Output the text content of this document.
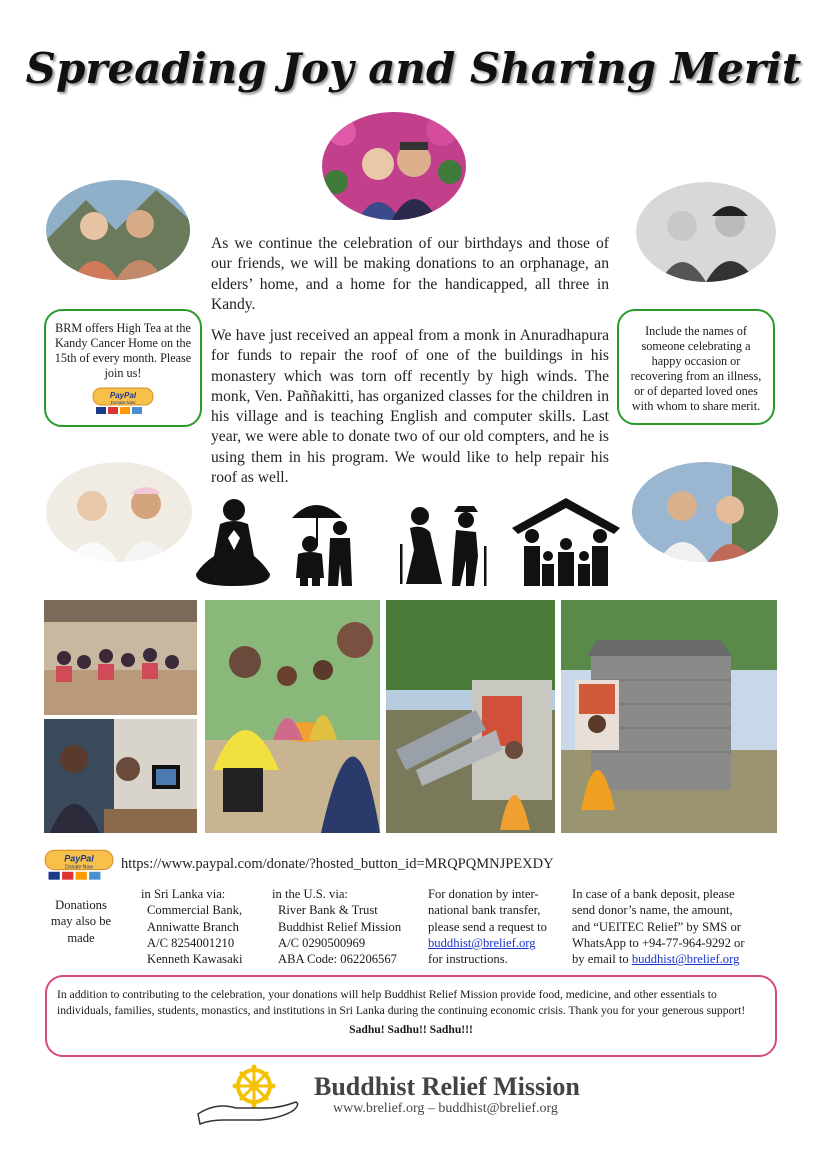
Spreading Joy and Sharing Merit
As we continue the celebration of our birthdays and those of our friends, we will be making donations to an orphanage, an elders’ home, and a home for the handicapped, all three in Kandy.
We have just received an appeal from a monk in Anuradhapura for funds to repair the roof of one of the buildings in his monastery which was torn off recently by high winds. The monk, Ven. Paññakitti, has organized classes for the children in his village and is teaching English and computer skills. Last year, we were able to donate two of our old compters, and he is using them in his program. We would like to help repair his roof as well.
BRM offers High Tea at the Kandy Cancer Home on the 15th of every month. Please join us!
PayPal
Donate Now
Include the names of someone celebrating a happy occasion or recovering from an illness, or of departed loved ones with whom to share merit.
PayPal
Donate Now https://www.paypal.com/donate/?hosted_button_id=MRQPQMNJPEXDY
Donations may also be made
in Sri Lanka via:
Commercial Bank,
Anniwatte Branch
A/C 8254001210
Kenneth Kawasaki
in the U.S. via:
River Bank & Trust
Buddhist Relief Mission
A/C 0290500969
ABA Code: 062206567
For donation by inter-
national bank transfer,
please send a request to
buddhist@brelief.org
for instructions.
In case of a bank deposit, please
send donor’s name, the amount,
and “UEITEC Relief” by SMS or
WhatsApp to +94-77-964-9292 or
by email to buddhist@brelief.org
In addition to contributing to the celebration, your donations will help Buddhist Relief Mission provide food, medicine, and other essentials to individuals, families, students, monastics, and institutions in Sri Lanka during the continuing economic crisis. Thank you for your generous support!
Sadhu! Sadhu!! Sadhu!!!
Buddhist Relief Mission
www.brelief.org – buddhist@brelief.org
